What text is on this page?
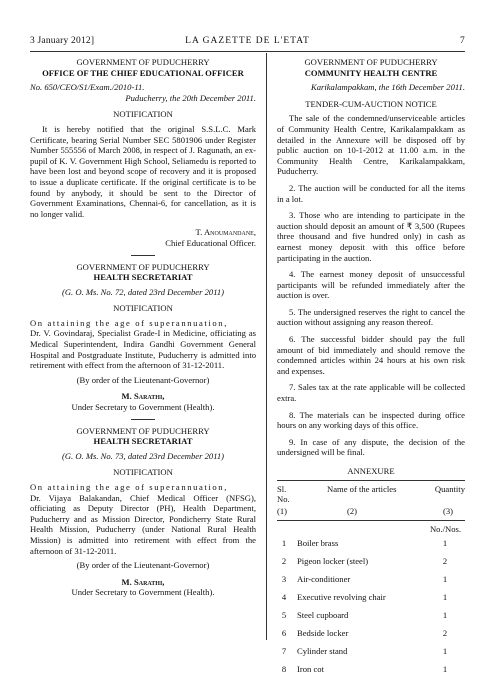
3 January 2012]	LA GAZETTE DE L'ETAT	7

GOVERNMENT OF PUDUCHERRY

OFFICE OF THE CHIEF EDUCATIONAL OFFICER

No. 650/CEO/S1/Exam./2010-11.

Puducherry, the 20th December 2011.

NOTIFICATION

It is hereby notified that the original S.S.L.C. Mark Certificate, bearing Serial Number SEC 5801906 under Register Number 555556 of March 2008, in respect of J. Ragunath, an ex-pupil of K. V. Government High School, Seliamedu is reported to have been lost and beyond scope of recovery and it is proposed to issue a duplicate certificate. If the original certificate is to be found by anybody, it should be sent to the Director of Government Examinations, Chennai-6, for cancellation, as it is no longer valid.

T. Anoumandane,

Chief Educational Officer.

GOVERNMENT OF PUDUCHERRY

HEALTH SECRETARIAT

(G. O. Ms. No. 72, dated 23rd December 2011)

NOTIFICATION

On attaining the age of superannuation,

Dr. V. Govindaraj, Specialist Grade-I in Medicine, officiating as Medical Superintendent, Indira Gandhi Government General Hospital and Postgraduate Institute, Puducherry is admitted into retirement with effect from the afternoon of 31-12-2011.

(By order of the Lieutenant-Governor)

M. Sarathi,

Under Secretary to Government (Health).

GOVERNMENT OF PUDUCHERRY

HEALTH SECRETARIAT

(G. O. Ms. No. 73, dated 23rd December 2011)

NOTIFICATION

On attaining the age of superannuation,

Dr. Vijaya Balakandan, Chief Medical Officer (NFSG), officiating as Deputy Director (PH), Health Department, Puducherry and as Mission Director, Pondicherry State Rural Health Mission, Puducherry (under National Rural Health Mission) is admitted into retirement with effect from the afternoon of 31-12-2011.

(By order of the Lieutenant-Governor)

M. Sarathi,

Under Secretary to Government (Health).

GOVERNMENT OF PUDUCHERRY

COMMUNITY HEALTH CENTRE

Karikalampakkam, the 16th December 2011.

TENDER-CUM-AUCTION NOTICE

The sale of the condemned/unserviceable articles of Community Health Centre, Karikalampakkam as detailed in the Annexure will be disposed off by public auction on 10-1-2012 at 11.00 a.m. in the Community Health Centre, Karikalampakkam, Puducherry.

2. The auction will be conducted for all the items in a lot.

3. Those who are intending to participate in the auction should deposit an amount of ₹ 3,500 (Rupees three thousand and five hundred only) in cash as earnest money deposit with this office before participating in the auction.

4. The earnest money deposit of unsuccessful participants will be refunded immediately after the auction is over.

5. The undersigned reserves the right to cancel the auction without assigning any reason thereof.

6. The successful bidder should pay the full amount of bid immediately and should remove the condemned articles within 24 hours at his own risk and expenses.

7. Sales tax at the rate applicable will be collected extra.

8. The materials can be inspected during office hours on any working days of this office.

9. In case of any dispute, the decision of the undersigned will be final.

ANNEXURE

Sl.
No.
Name of the articles	Quantity
(1)	(2)	(3)

No./Nos.

1	Boiler brass	1
2	Pigeon locker (steel)	2
3	Air-conditioner	1
4	Executive revolving chair	1
5	Steel cupboard	1
6	Bedside locker	2
7	Cylinder stand	1
8	Iron cot	1
